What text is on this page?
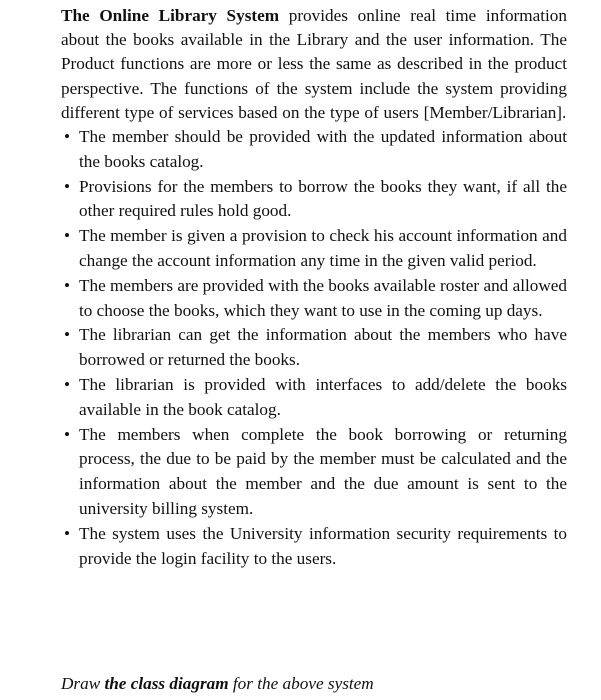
The Online Library System provides online real time information about the books available in the Library and the user information. The Product functions are more or less the same as described in the product perspective. The functions of the system include the system providing different type of services based on the type of users [Member/Librarian].

• The member should be provided with the updated information about the books catalog.
• Provisions for the members to borrow the books they want, if all the other required rules hold good.
• The member is given a provision to check his account information and change the account information any time in the given valid period.
• The members are provided with the books available roster and allowed to choose the books, which they want to use in the coming up days.
• The librarian can get the information about the members who have borrowed or returned the books.
• The librarian is provided with interfaces to add/delete the books available in the book catalog.
• The members when complete the book borrowing or returning process, the due to be paid by the member must be calculated and the information about the member and the due amount is sent to the university billing system.
• The system uses the University information security requirements to provide the login facility to the users.

Draw the class diagram for the above system
